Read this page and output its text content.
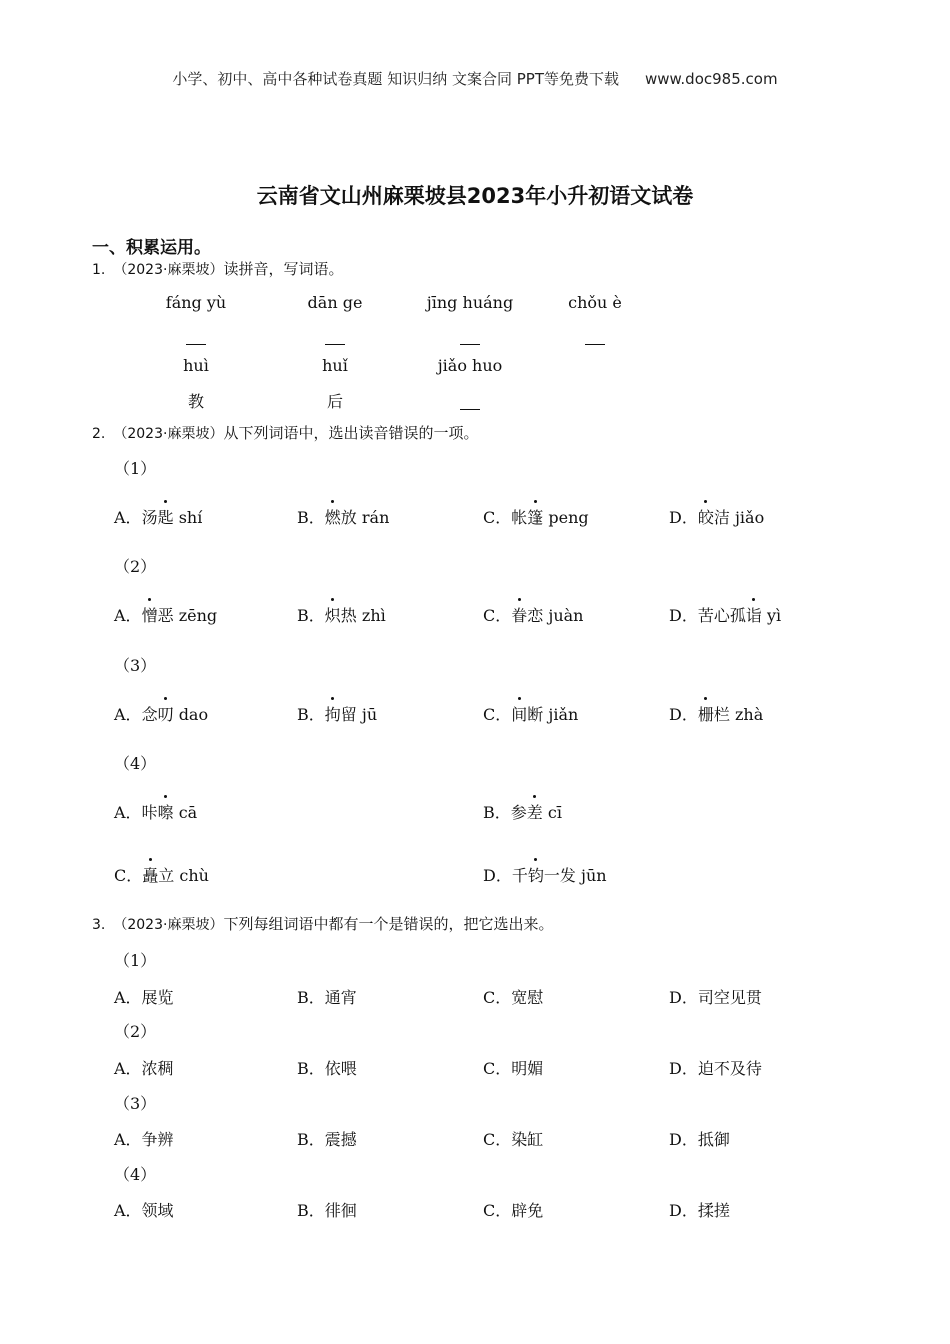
小学、初中、高中各种试卷真题 知识归纳 文案合同 PPT等免费下载 www.doc985.com
云南省文山州麻栗坡县2023年小升初语文试卷
一、积累运用。
1. （2023·麻栗坡）读拼音，写词语。
fáng yù	dān ge	jīng huáng	chǒu è
huì	huǐ	jiǎo huo
教	后
2. （2023·麻栗坡）从下列词语中，选出读音错误的一项。
（1）
A．汤匙 shí	B．燃放 rán	C．帐篷 peng	D．皎洁 jiǎo
（2）
A．憎恶 zēng	B．炽热 zhì	C．眷恋 juàn	D．苦心孤诣 yì
（3）
A．念叨 dao	B．拘留 jū	C．间断 jiǎn	D．栅栏 zhà
（4）
A．咔嚓 cā	B．参差 cī
C．矗立 chù	D．千钧一发 jūn
3. （2023·麻栗坡）下列每组词语中都有一个是错误的，把它选出来。
（1）
A．展览	B．通宵	C．宽慰	D．司空见贯
（2）
A．浓稠	B．依喂	C．明媚	D．迫不及待
（3）
A．争辨	B．震撼	C．染缸	D．抵御
（4）
A．领域	B．徘徊	C．辟免	D．揉搓
